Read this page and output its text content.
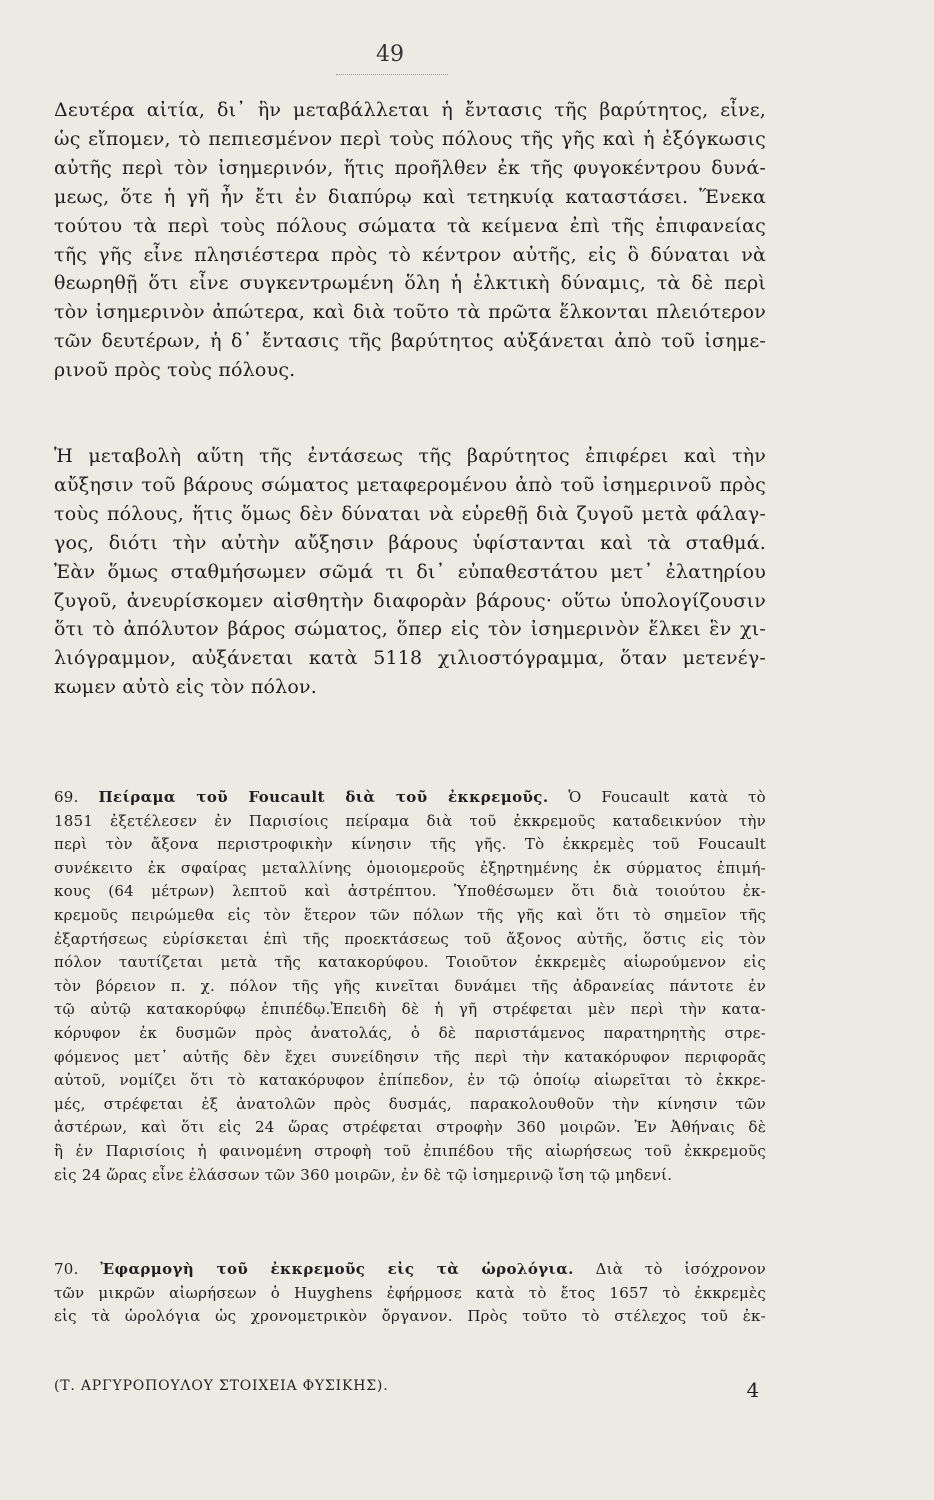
49
Δευτέρα αἰτία, δι᾿ ἣν μεταβάλλεται ἡ ἔντασις τῆς βαρύτητος, εἶνε,
ὡς εἴπομεν, τὸ πεπιεσμένον περὶ τοὺς πόλους τῆς γῆς καὶ ἡ ἐξόγκωσις
αὐτῆς περὶ τὸν ἰσημερινόν, ἥτις προῆλθεν ἐκ τῆς φυγοκέντρου δυνά-
μεως, ὅτε ἡ γῆ ἦν ἔτι ἐν διαπύρῳ καὶ τετηκυίᾳ καταστάσει. Ἕνεκα
τούτου τὰ περὶ τοὺς πόλους σώματα τὰ κείμενα ἐπὶ τῆς ἐπιφανείας
τῆς γῆς εἶνε πλησιέστερα πρὸς τὸ κέντρον αὐτῆς, εἰς ὃ δύναται νὰ
θεωρηθῇ ὅτι εἶνε συγκεντρωμένη ὅλη ἡ ἑλκτικὴ δύναμις, τὰ δὲ περὶ
τὸν ἰσημερινὸν ἀπώτερα, καὶ διὰ τοῦτο τὰ πρῶτα ἕλκονται πλειότερον
τῶν δευτέρων, ἡ δ᾿ ἔντασις τῆς βαρύτητος αὐξάνεται ἀπὸ τοῦ ἰσημε-
ρινοῦ πρὸς τοὺς πόλους.
Ἡ μεταβολὴ αὕτη τῆς ἐντάσεως τῆς βαρύτητος ἐπιφέρει καὶ τὴν
αὔξησιν τοῦ βάρους σώματος μεταφερομένου ἀπὸ τοῦ ἰσημερινοῦ πρὸς
τοὺς πόλους, ἥτις ὅμως δὲν δύναται νὰ εὑρεθῇ διὰ ζυγοῦ μετὰ φάλαγ-
γος, διότι τὴν αὐτὴν αὔξησιν βάρους ὑφίστανται καὶ τὰ σταθμά.
Ἐὰν ὅμως σταθμήσωμεν σῶμά τι δι᾿ εὐπαθεστάτου μετ᾿ ἐλατηρίου
ζυγοῦ, ἀνευρίσκομεν αἰσθητὴν διαφορὰν βάρους· οὕτω ὑπολογίζουσιν
ὅτι τὸ ἀπόλυτον βάρος σώματος, ὅπερ εἰς τὸν ἰσημερινὸν ἕλκει ἓν χι-
λιόγραμμον, αὐξάνεται κατὰ 5118 χιλιοστόγραμμα, ὅταν μετενέγ-
κωμεν αὐτὸ εἰς τὸν πόλον.
69. Πείραμα τοῦ Foucault διὰ τοῦ ἐκκρεμοῦς. Ὁ Foucault κατὰ τὸ
1851 ἐξετέλεσεν ἐν Παρισίοις πείραμα διὰ τοῦ ἐκκρεμοῦς καταδεικνύον τὴν
περὶ τὸν ἄξονα περιστροφικὴν κίνησιν τῆς γῆς. Τὸ ἐκκρεμὲς τοῦ Foucault
συνέκειτο ἐκ σφαίρας μεταλλίνης ὁμοιομεροῦς ἐξηρτημένης ἐκ σύρματος ἐπιμή-
κους (64 μέτρων) λεπτοῦ καὶ ἀστρέπτου. Ὑποθέσωμεν ὅτι διὰ τοιούτου ἐκ-
κρεμοῦς πειρώμεθα εἰς τὸν ἕτερον τῶν πόλων τῆς γῆς καὶ ὅτι τὸ σημεῖον τῆς
ἐξαρτήσεως εὑρίσκεται ἐπὶ τῆς προεκτάσεως τοῦ ἄξονος αὐτῆς, ὅστις εἰς τὸν
πόλον ταυτίζεται μετὰ τῆς κατακορύφου. Τοιοῦτον ἐκκρεμὲς αἰωρούμενον εἰς
τὸν βόρειον π. χ. πόλον τῆς γῆς κινεῖται δυνάμει τῆς ἀδρανείας πάντοτε ἐν
τῷ αὐτῷ κατακορύφῳ ἐπιπέδῳ.Ἐπειδὴ δὲ ἡ γῆ στρέφεται μὲν περὶ τὴν κατα-
κόρυφον ἐκ δυσμῶν πρὸς ἀνατολάς, ὁ δὲ παριστάμενος παρατηρητὴς στρε-
φόμενος μετ᾿ αὐτῆς δὲν ἔχει συνείδησιν τῆς περὶ τὴν κατακόρυφον περιφορᾶς
αὐτοῦ, νομίζει ὅτι τὸ κατακόρυφον ἐπίπεδον, ἐν τῷ ὁποίῳ αἰωρεῖται τὸ ἐκκρε-
μές, στρέφεται ἐξ ἀνατολῶν πρὸς δυσμάς, παρακολουθοῦν τὴν κίνησιν τῶν
ἀστέρων, καὶ ὅτι εἰς 24 ὥρας στρέφεται στροφὴν 360 μοιρῶν. Ἐν Ἀθήναις δὲ
ἢ ἐν Παρισίοις ἡ φαινομένη στροφὴ τοῦ ἐπιπέδου τῆς αἰωρήσεως τοῦ ἐκκρεμοῦς
εἰς 24 ὥρας εἶνε ἐλάσσων τῶν 360 μοιρῶν, ἐν δὲ τῷ ἰσημερινῷ ἴση τῷ μηδενί.
70. Ἐφαρμογὴ τοῦ ἐκκρεμοῦς εἰς τὰ ὡρολόγια. Διὰ τὸ ἰσόχρονον
τῶν μικρῶν αἰωρήσεων ὁ Huyghens ἐφήρμοσε κατὰ τὸ ἔτος 1657 τὸ ἐκκρεμὲς
εἰς τὰ ὡρολόγια ὡς χρονομετρικὸν ὄργανον. Πρὸς τοῦτο τὸ στέλεχος τοῦ ἐκ-
(Τ. ΑΡΓΥΡΟΠΟΥΛΟΥ ΣΤΟΙΧΕΙΑ ΦΥΣΙΚΗΣ).	4
